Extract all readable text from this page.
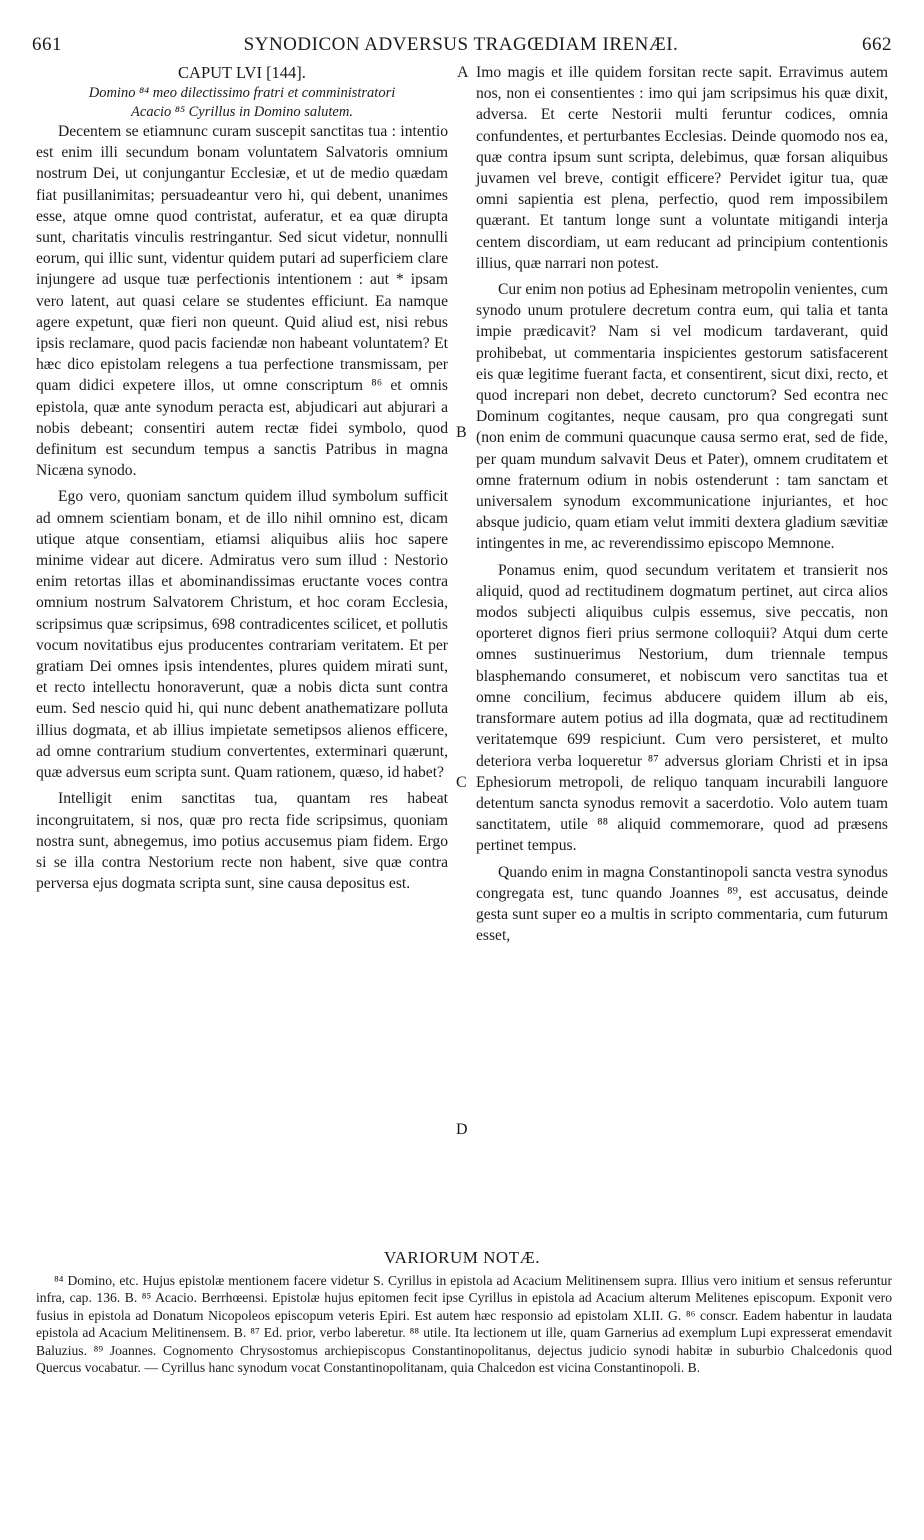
661	SYNODICON ADVERSUS TRAGŒDIAM IRENÆI.	662
CAPUT LVI [144].
Domino ⁸⁴ meo dilectissimo fratri et comministratori
Acacio ⁸⁵ Cyrillus in Domino salutem.

Decentem se etiamnunc curam suscepit sanctitas tua : intentio est enim illi secundum bonam voluntatem Salvatoris omnium nostrum Dei, ut conjungantur Ecclesiæ, et ut de medio quædam fiat pusillanimitas; persuadeantur vero hi, qui debent, unanimes esse, atque omne quod contristat, auferatur, et ea quæ dirupta sunt, charitatis vinculis restringantur. Sed sicut videtur, nonnulli eorum, qui illic sunt, videntur quidem putari ad superficiem clare injungere ad usque tuæ perfectionis intentionem : aut * ipsam vero latent, aut quasi celare se studentes efficiunt. Ea namque agere expetunt, quæ fieri non queunt. Quid aliud est, nisi rebus ipsis reclamare, quod pacis faciendæ non habeant voluntatem? Et hæc dico epistolam relegens a tua perfectione transmissam, per quam didici expetere illos, ut omne conscriptum ⁸⁶ et omnis epistola, quæ ante synodum peracta est, abjudicari aut abjurari a nobis debeant; consentiri autem rectæ fidei symbolo, quod definitum est secundum tempus a sanctis Patribus in magna Nicæna synodo.

Ego vero, quoniam sanctum quidem illud symbolum sufficit ad omnem scientiam bonam, et de illo nihil omnino est, dicam utique atque consentiam, etiamsi aliquibus aliis hoc sapere minime videar aut dicere. Admiratus vero sum illud : Nestorio enim retortas illas et abominandissimas eructante voces contra omnium nostrum Salvatorem Christum, et hoc coram Ecclesia, scripsimus quæ scripsimus, 698 contradicentes scilicet, et pollutis vocum novitatibus ejus producentes contrariam veritatem. Et per gratiam Dei omnes ipsis intendentes, plures quidem mirati sunt, et recto intellectu honoraverunt, quæ a nobis dicta sunt contra eum. Sed nescio quid hi, qui nunc debent anathematizare polluta illius dogmata, et ab illius impietate semetipsos alienos efficere, ad omne contrarium studium convertentes, exterminari quærunt, quæ adversus eum scripta sunt. Quam rationem, quæso, id habet?

Intelligit enim sanctitas tua, quantam res habeat incongruitatem, si nos, quæ pro recta fide scripsimus, quoniam nostra sunt, abnegemus, imo potius accusemus piam fidem. Ergo si se illa contra Nestorium recte non habent, sive quæ contra perversa ejus dogmata scripta sunt, sine causa depositus est.

A
B
C
D

Imo magis et ille quidem forsitan recte sapit. Erravimus autem nos, non ei consentientes : imo qui jam scripsimus his quæ dixit, adversa. Et certe Nestorii multi feruntur codices, omnia confundentes, et perturbantes Ecclesias. Deinde quomodo nos ea, quæ contra ipsum sunt scripta, delebimus, quæ forsan aliquibus juvamen vel breve, contigit efficere? Pervidet igitur tua, quæ omni sapientia est plena, perfectio, quod rem impossibilem quærant. Et tantum longe sunt a voluntate mitigandi interja centem discordiam, ut eam reducant ad principium contentionis illius, quæ narrari non potest.

Cur enim non potius ad Ephesinam metropolin venientes, cum synodo unum protulere decretum contra eum, qui talia et tanta impie prædicavit? Nam si vel modicum tardaverant, quid prohibebat, ut commentaria inspicientes gestorum satisfacerent eis quæ legitime fuerant facta, et consentirent, sicut dixi, recto, et quod increpari non debet, decreto cunctorum? Sed econtra nec Dominum cogitantes, neque causam, pro qua congregati sunt (non enim de communi quacunque causa sermo erat, sed de fide, per quam mundum salvavit Deus et Pater), omnem cruditatem et omne fraternum odium in nobis ostenderunt : tam sanctam et universalem synodum excommunicatione injuriantes, et hoc absque judicio, quam etiam velut immiti dextera gladium sævitiæ intingentes in me, ac reverendissimo episcopo Memnone.

Ponamus enim, quod secundum veritatem et transierit nos aliquid, quod ad rectitudinem dogmatum pertinet, aut circa alios modos subjecti aliquibus culpis essemus, sive peccatis, non oporteret dignos fieri prius sermone colloquii? Atqui dum certe omnes sustinuerimus Nestorium, dum triennale tempus blasphemando consumeret, et nobiscum vero sanctitas tua et omne concilium, fecimus abducere quidem illum ab eis, transformare autem potius ad illa dogmata, quæ ad rectitudinem veritatemque 699 respiciunt. Cum vero persisteret, et multo deteriora verba loqueretur ⁸⁷ adversus gloriam Christi et in ipsa Ephesiorum metropoli, de reliquo tanquam incurabili languore detentum sancta synodus removit a sacerdotio. Volo autem tuam sanctitatem, utile ⁸⁸ aliquid commemorare, quod ad præsens pertinet tempus.

Quando enim in magna Constantinopoli sancta vestra synodus congregata est, tunc quando Joannes ⁸⁹, est accusatus, deinde gesta sunt super eo a multis in scripto commentaria, cum futurum esset,

VARIORUM NOTÆ.

⁸⁴ Domino, etc. Hujus epistolæ mentionem facere videtur S. Cyrillus in epistola ad Acacium Melitinensem supra. Illius vero initium et sensus referuntur infra, cap. 136. B. ⁸⁵ Acacio. Berrhœensi. Epistolæ hujus epitomen fecit ipse Cyrillus in epistola ad Acacium alterum Melitenes episcopum. Exponit vero fusius in epistola ad Donatum Nicopoleos episcopum veteris Epiri. Est autem hæc responsio ad epistolam XLII. G. ⁸⁶ conscr. Eadem habentur in laudata epistola ad Acacium Melitinensem. B. ⁸⁷ Ed. prior, verbo laberetur. ⁸⁸ utile. Ita lectionem ut ille, quam Garnerius ad exemplum Lupi expresserat emendavit Baluzius. ⁸⁹ Joannes. Cognomento Chrysostomus archiepiscopus Constantinopolitanus, dejectus judicio synodi habitæ in suburbio Chalcedonis quod Quercus vocabatur. — Cyrillus hanc synodum vocat Constantinopolitanam, quia Chalcedon est vicina Constantinopoli. B.
